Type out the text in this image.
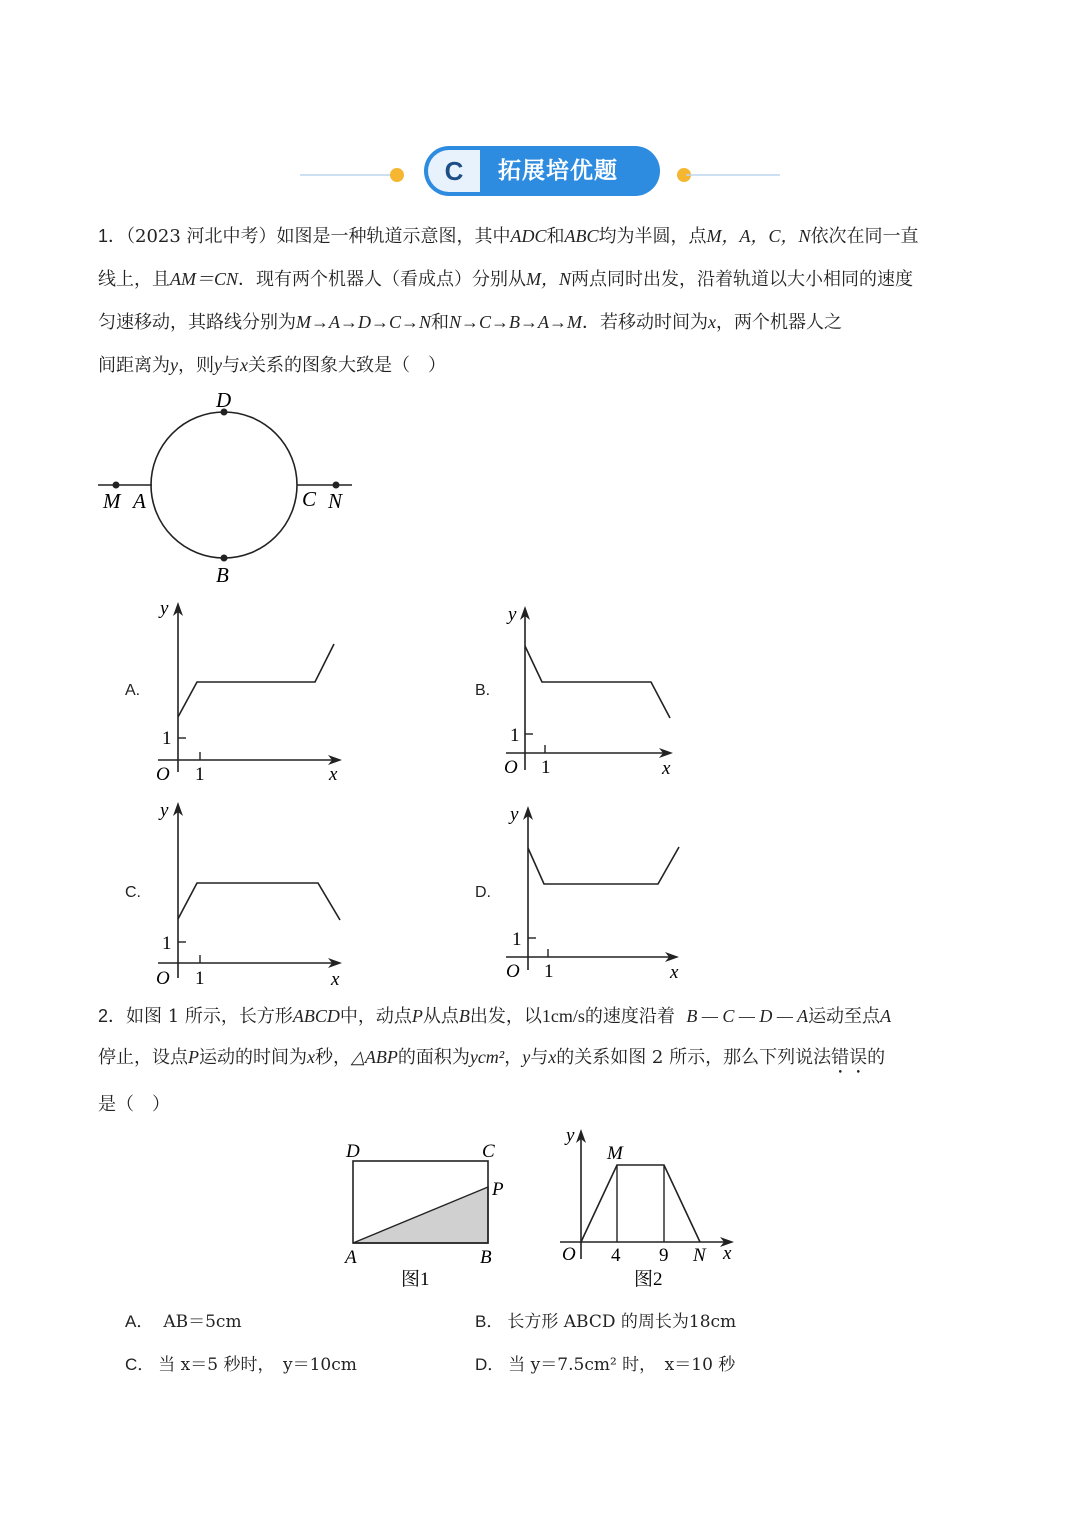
C	拓展培优题
1．（2023 河北中考）如图是一种轨道示意图，其中ADC和ABC均为半圆，点M，A，C，N依次在同一直
线上，且AM＝CN．现有两个机器人（看成点）分别从M，N两点同时出发，沿着轨道以大小相同的速度
匀速移动，其路线分别为M→A→D→C→N和N→C→B→A→M．若移动时间为x，两个机器人之
间距离为y，则y与x关系的图象大致是（　）
D
B
M A	C N
A.
y
1
O 1	x
B.
y
1
O 1	x
C.
y
1
O 1	x
D.
y
1
O 1	x
2．如图 1 所示，长方形ABCD中，动点P从点B出发，以1cm/s的速度沿着 B — C — D — A运动至点A
停止，设点P运动的时间为x秒，△ABP的面积为ycm²，y与x的关系如图 2 所示，那么下列说法错误的
是（　）
D	C
P
A	B
图1
y
M
O 4 9 N x
图2
A． AB＝5cm	B． 长方形 ABCD 的周长为18cm
C． 当 x＝5 秒时，　y＝10cm	D． 当 y＝7.5cm² 时，　x＝10 秒
